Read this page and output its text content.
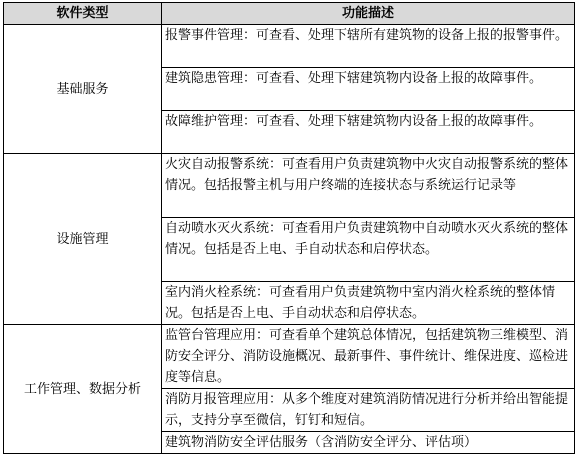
软件类型	功能描述
基础服务	报警事件管理：可查看、处理下辖所有建筑物的设备上报的报警事件。
	建筑隐患管理：可查看、处理下辖建筑物内设备上报的故障事件。
	故障维护管理：可查看、处理下辖建筑物内设备上报的故障事件。
设施管理	火灾自动报警系统：可查看用户负责建筑物中火灾自动报警系统的整体情况。包括报警主机与用户终端的连接状态与系统运行记录等
	自动喷水灭火系统：可查看用户负责建筑物中自动喷水灭火系统的整体情况。包括是否上电、手自动状态和启停状态。
	室内消火栓系统：可查看用户负责建筑物中室内消火栓系统的整体情况。包括是否上电、手自动状态和启停状态。
工作管理、数据分析	监管台管理应用：可查看单个建筑总体情况，包括建筑物三维模型、消防安全评分、消防设施概况、最新事件、事件统计、维保进度、巡检进度等信息。
	消防月报管理应用：从多个维度对建筑消防情况进行分析并给出智能提示，支持分享至微信，钉钉和短信。
	建筑物消防安全评估服务（含消防安全评分、评估项）
